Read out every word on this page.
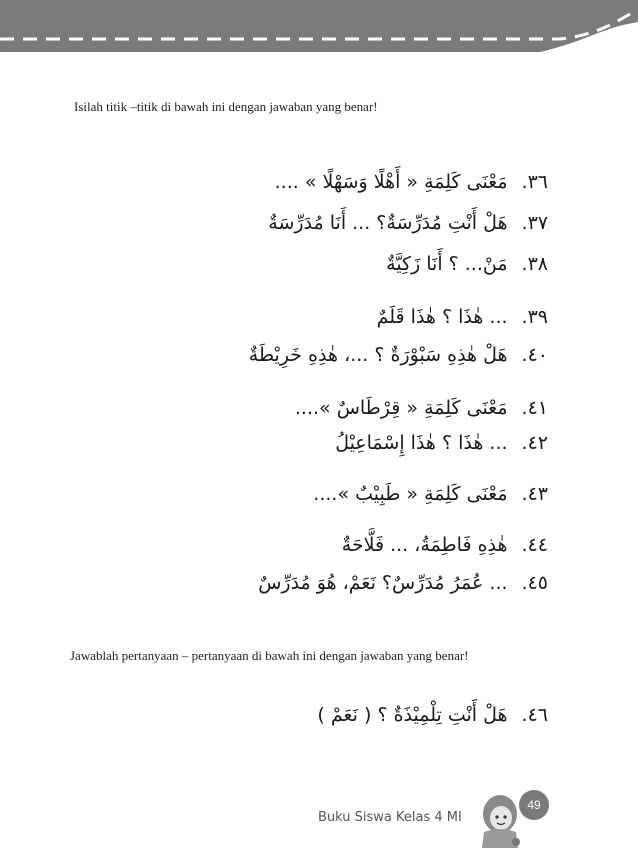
Isilah titik –titik di bawah ini dengan jawaban yang benar!
٣٦.مَعْنَى كَلِمَةِ « أَهْلًا وَسَهْلًا » ....
٣٧.هَلْ أَنْتِ مُدَرِّسَةٌ؟ ... أَنَا مُدَرِّسَةٌ
٣٨.مَنْ... ؟ أَنَا زَكِيَّةٌ
٣٩.... هٰذَا ؟ هٰذَا قَلَمٌ
٤٠.هَلْ هٰذِهِ سَبْوْرَةٌ ؟ ...، هٰذِهِ خَرِيْطَةٌ
٤١.مَعْنَى كَلِمَةِ « قِرْطَاسٌ »....
٤٢.... هٰذَا ؟ هٰذَا إِسْمَاعِيْلُ
٤٣.مَعْنَى كَلِمَةِ « طَبِيْبٌ »....
٤٤.هٰذِهِ فَاطِمَةُ، ... فَلَّاحَةٌ
٤٥.... عُمَرُ مُدَرِّسٌ؟ نَعَمْ، هُوَ مُدَرِّسٌ
٤٦.هَلْ أَنْتِ تِلْمِيْذَةٌ ؟ ( نَعَمْ )
Jawablah pertanyaan – pertanyaan di bawah ini dengan jawaban yang benar!
Buku Siswa Kelas 4 MI
49
